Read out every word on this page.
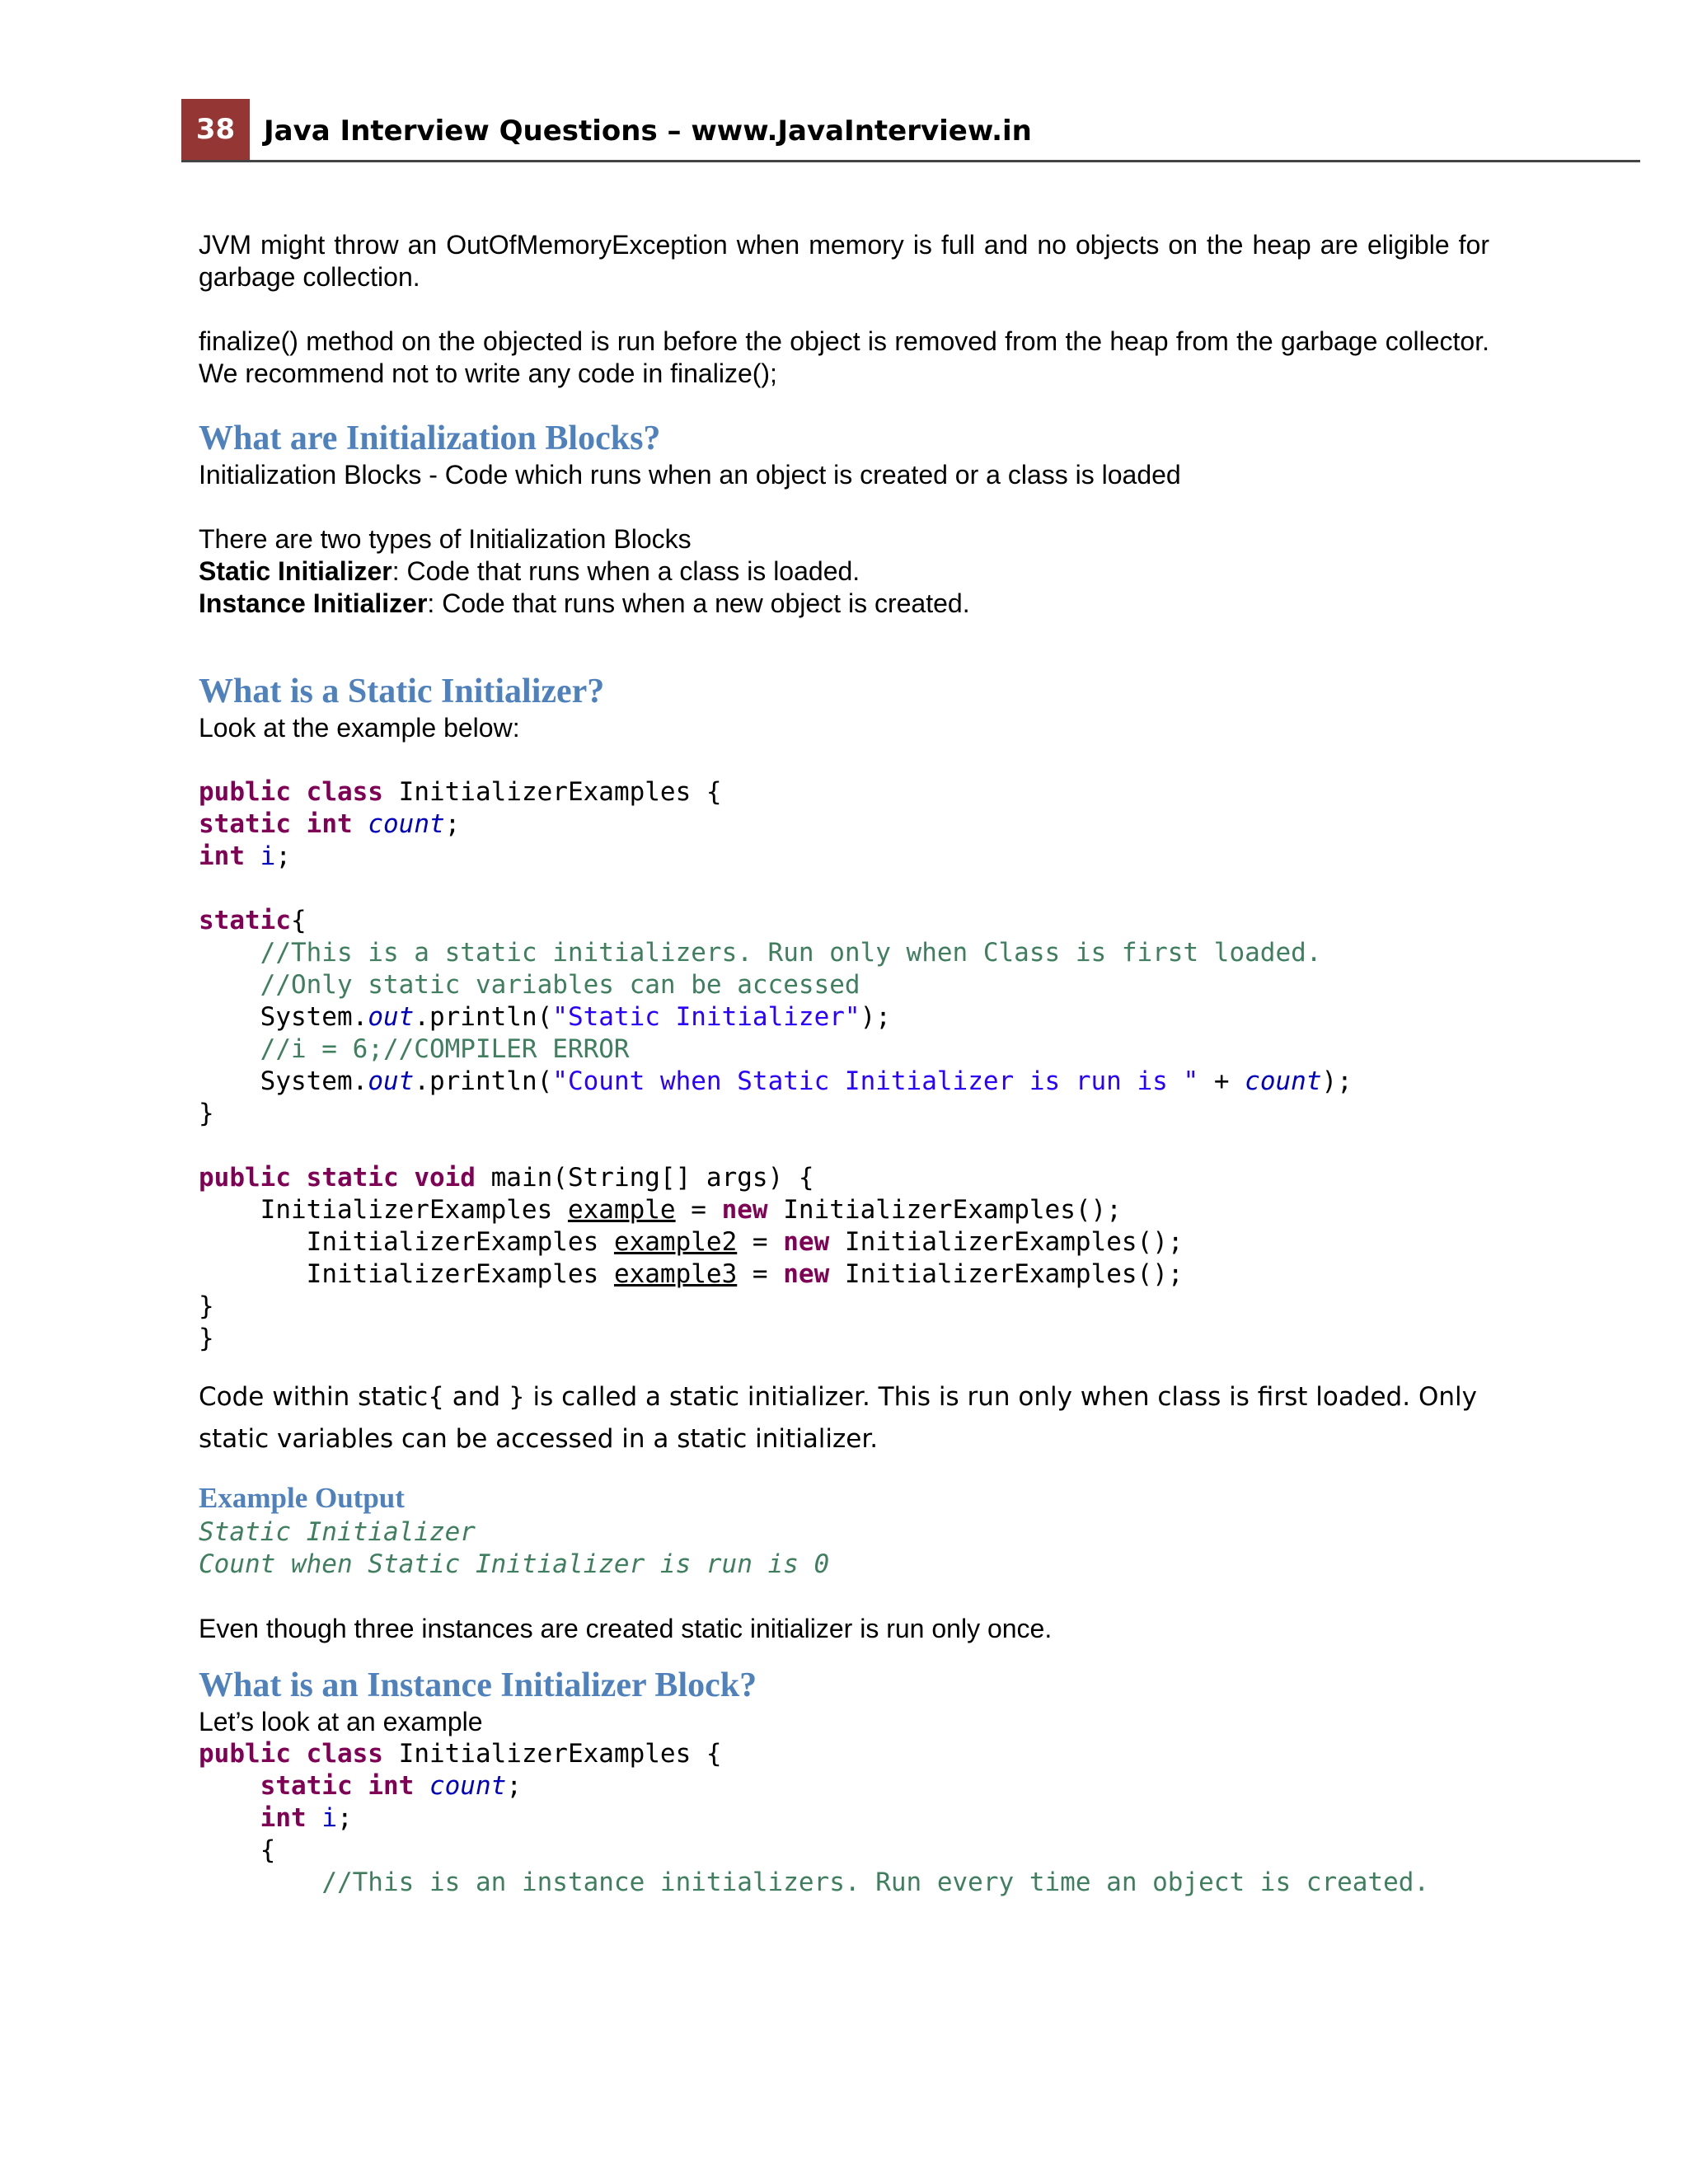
38	Java Interview Questions – www.JavaInterview.in

JVM might throw an OutOfMemoryException when memory is full and no objects on the heap are eligible for garbage collection.

finalize() method on the objected is run before the object is removed from the heap from the garbage collector. We recommend not to write any code in finalize();

What are Initialization Blocks?

Initialization Blocks - Code which runs when an object is created or a class is loaded

There are two types of Initialization Blocks

Static Initializer: Code that runs when a class is loaded.

Instance Initializer: Code that runs when a new object is created.

What is a Static Initializer?

Look at the example below:

public class InitializerExamples {
static int count;
int i;

static{
//This is a static initializers. Run only when Class is first loaded.
//Only static variables can be accessed
System.out.println("Static Initializer");
//i = 6;//COMPILER ERROR
System.out.println("Count when Static Initializer is run is " + count);
}

public static void main(String[] args) {
InitializerExamples example = new InitializerExamples();
InitializerExamples example2 = new InitializerExamples();
InitializerExamples example3 = new InitializerExamples();
}
}

Code within static{ and } is called a static initializer. This is run only when class is first loaded. Only static variables can be accessed in a static initializer.

Example Output
Static Initializer
Count when Static Initializer is run is 0

Even though three instances are created static initializer is run only once.

What is an Instance Initializer Block?

Let’s look at an example

public class InitializerExamples {
static int count;
int i;
{
//This is an instance initializers. Run every time an object is created.
